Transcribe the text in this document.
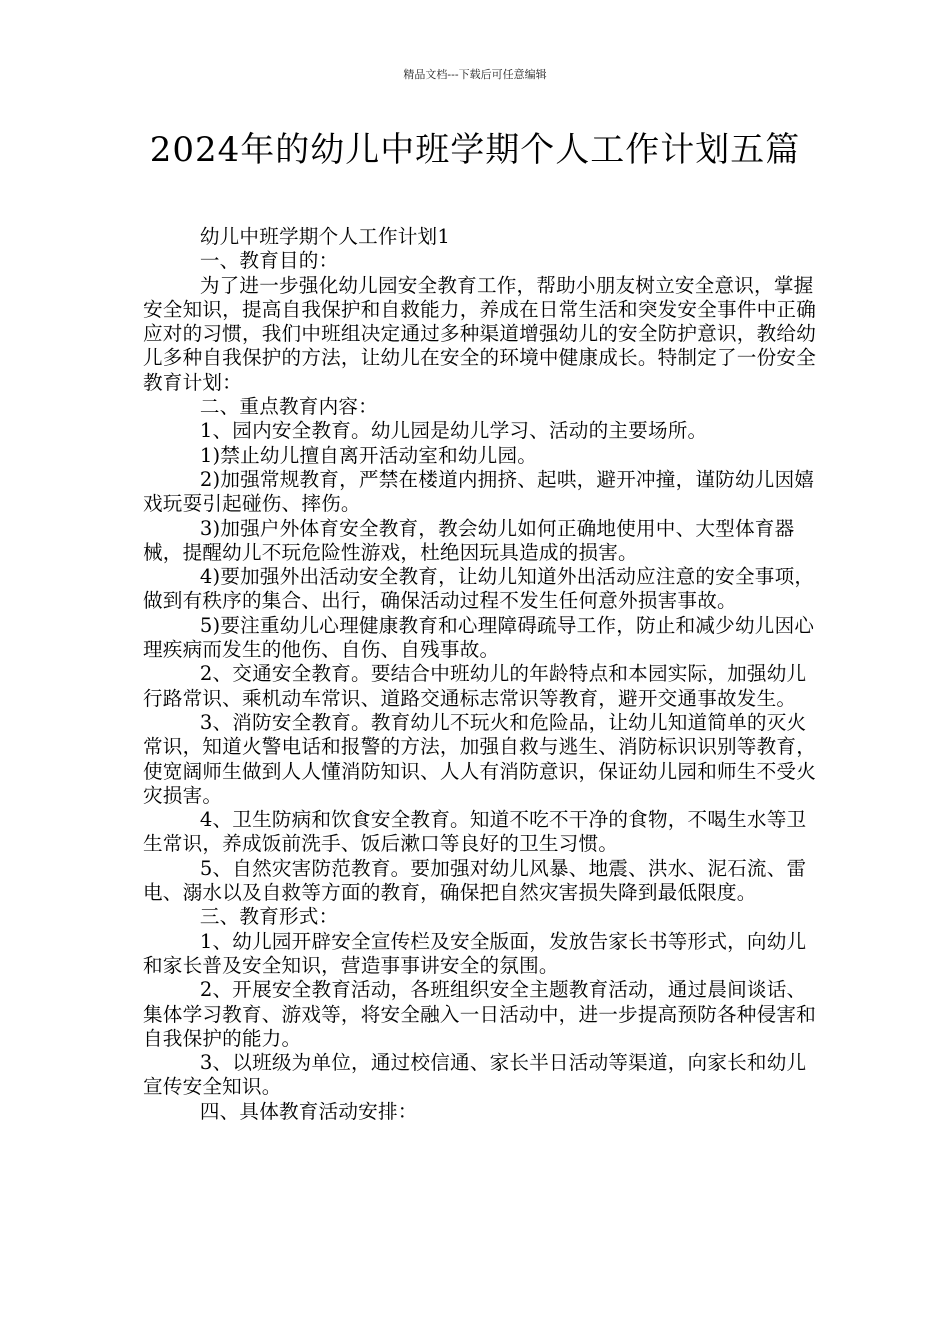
精品文档---下载后可任意编辑
2024年的幼儿中班学期个人工作计划五篇

幼儿中班学期个人工作计划1

一、教育目的：

为了进一步强化幼儿园安全教育工作，帮助小朋友树立安全意识，掌握安全知识，提高自我保护和自救能力，养成在日常生活和突发安全事件中正确应对的习惯，我们中班组决定通过多种渠道增强幼儿的安全防护意识，教给幼儿多种自我保护的方法，让幼儿在安全的环境中健康成长。特制定了一份安全教育计划：

二、重点教育内容：

1、园内安全教育。幼儿园是幼儿学习、活动的主要场所。

1)禁止幼儿擅自离开活动室和幼儿园。

2)加强常规教育，严禁在楼道内拥挤、起哄，避开冲撞，谨防幼儿因嬉戏玩耍引起碰伤、摔伤。

3)加强户外体育安全教育，教会幼儿如何正确地使用中、大型体育器械，提醒幼儿不玩危险性游戏，杜绝因玩具造成的损害。

4)要加强外出活动安全教育，让幼儿知道外出活动应注意的安全事项，做到有秩序的集合、出行，确保活动过程不发生任何意外损害事故。

5)要注重幼儿心理健康教育和心理障碍疏导工作，防止和减少幼儿因心理疾病而发生的他伤、自伤、自残事故。

2、交通安全教育。要结合中班幼儿的年龄特点和本园实际，加强幼儿行路常识、乘机动车常识、道路交通标志常识等教育，避开交通事故发生。

3、消防安全教育。教育幼儿不玩火和危险品，让幼儿知道简单的灭火常识，知道火警电话和报警的方法，加强自救与逃生、消防标识识别等教育，使宽阔师生做到人人懂消防知识、人人有消防意识，保证幼儿园和师生不受火灾损害。

4、卫生防病和饮食安全教育。知道不吃不干净的食物，不喝生水等卫生常识，养成饭前洗手、饭后漱口等良好的卫生习惯。

5、自然灾害防范教育。要加强对幼儿风暴、地震、洪水、泥石流、雷电、溺水以及自救等方面的教育，确保把自然灾害损失降到最低限度。

三、教育形式：

1、幼儿园开辟安全宣传栏及安全版面，发放告家长书等形式，向幼儿和家长普及安全知识，营造事事讲安全的氛围。

2、开展安全教育活动，各班组织安全主题教育活动，通过晨间谈话、集体学习教育、游戏等，将安全融入一日活动中，进一步提高预防各种侵害和自我保护的能力。

3、以班级为单位，通过校信通、家长半日活动等渠道，向家长和幼儿宣传安全知识。

四、具体教育活动安排：
